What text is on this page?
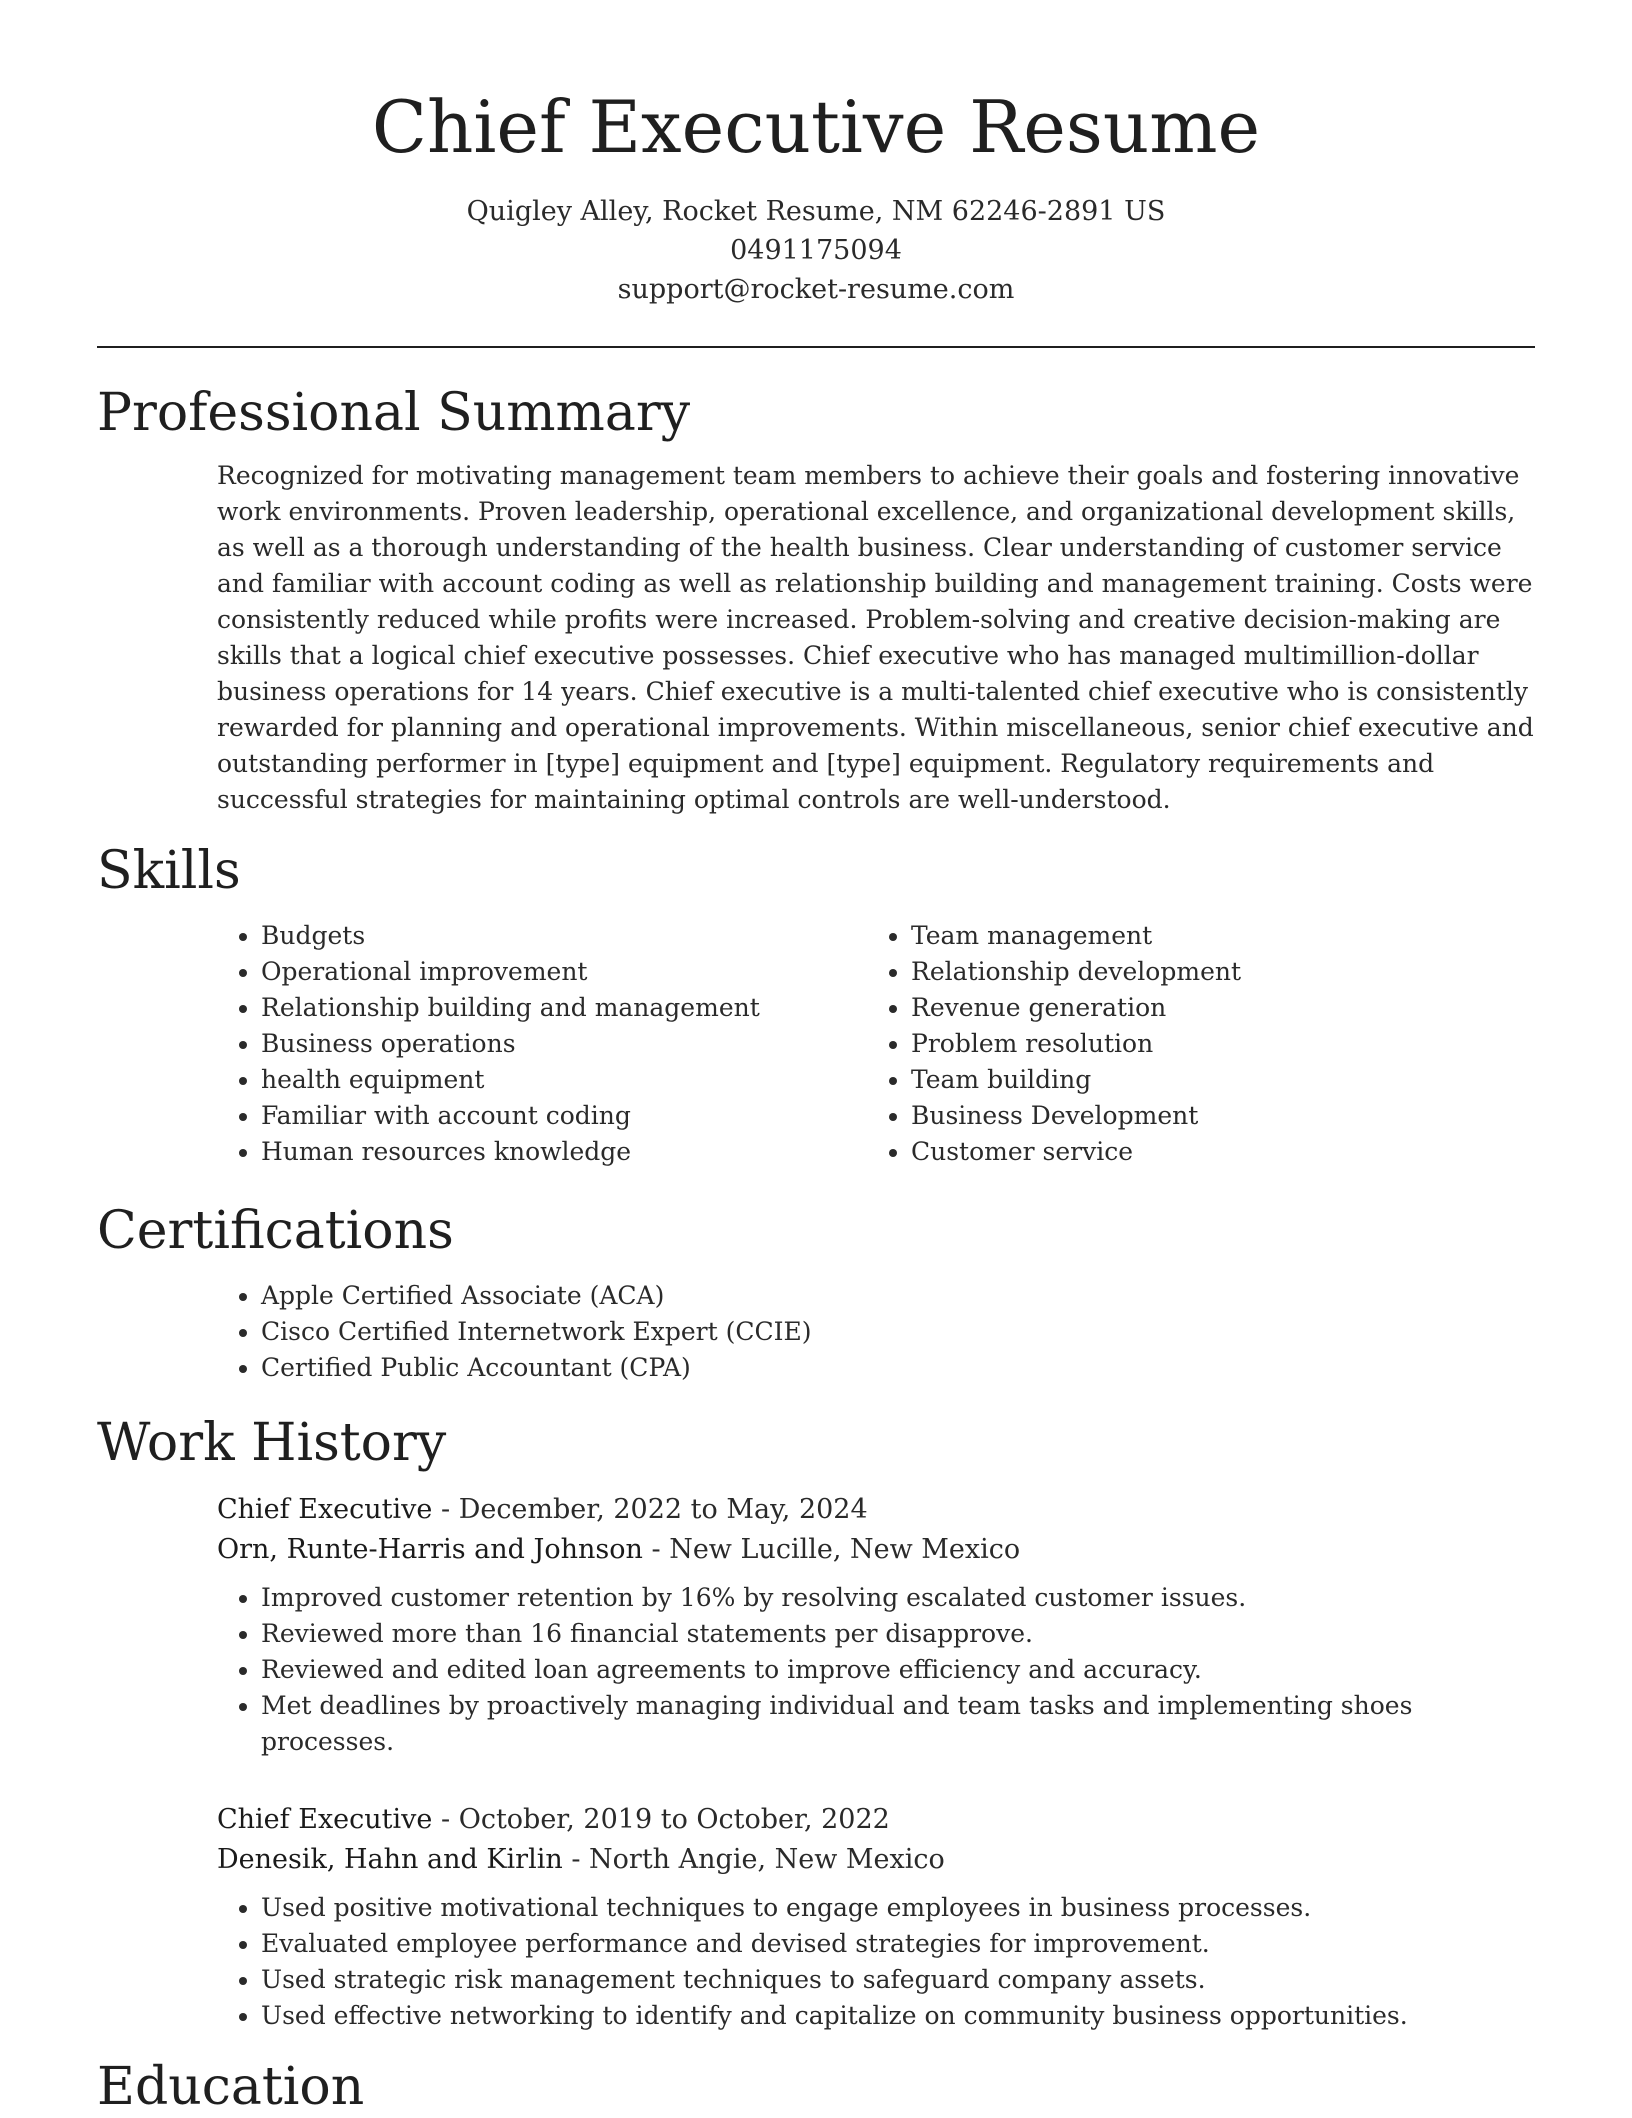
Chief Executive Resume
Quigley Alley, Rocket Resume, NM 62246-2891 US
0491175094
support@rocket-resume.com
Professional Summary

Recognized for motivating management team members to achieve their goals and fostering innovative work environments. Proven leadership, operational excellence, and organizational development skills, as well as a thorough understanding of the health business. Clear understanding of customer service and familiar with account coding as well as relationship building and management training. Costs were consistently reduced while profits were increased. Problem-solving and creative decision-making are skills that a logical chief executive possesses. Chief executive who has managed multimillion-dollar business operations for 14 years. Chief executive is a multi-talented chief executive who is consistently rewarded for planning and operational improvements. Within miscellaneous, senior chief executive and outstanding performer in [type] equipment and [type] equipment. Regulatory requirements and successful strategies for maintaining optimal controls are well-understood.

Skills
• Budgets
• Operational improvement
• Relationship building and management
• Business operations
• health equipment
• Familiar with account coding
• Human resources knowledge
• Team management
• Relationship development
• Revenue generation
• Problem resolution
• Team building
• Business Development
• Customer service
Certifications
• Apple Certified Associate (ACA)
• Cisco Certified Internetwork Expert (CCIE)
• Certified Public Accountant (CPA)
Work History
Chief Executive - December, 2022 to May, 2024
Orn, Runte-Harris and Johnson - New Lucille, New Mexico
• Improved customer retention by 16% by resolving escalated customer issues.
• Reviewed more than 16 financial statements per disapprove.
• Reviewed and edited loan agreements to improve efficiency and accuracy.
• Met deadlines by proactively managing individual and team tasks and implementing shoes processes.
Chief Executive - October, 2019 to October, 2022
Denesik, Hahn and Kirlin - North Angie, New Mexico
• Used positive motivational techniques to engage employees in business processes.
• Evaluated employee performance and devised strategies for improvement.
• Used strategic risk management techniques to safeguard company assets.
• Used effective networking to identify and capitalize on community business opportunities.
Education
